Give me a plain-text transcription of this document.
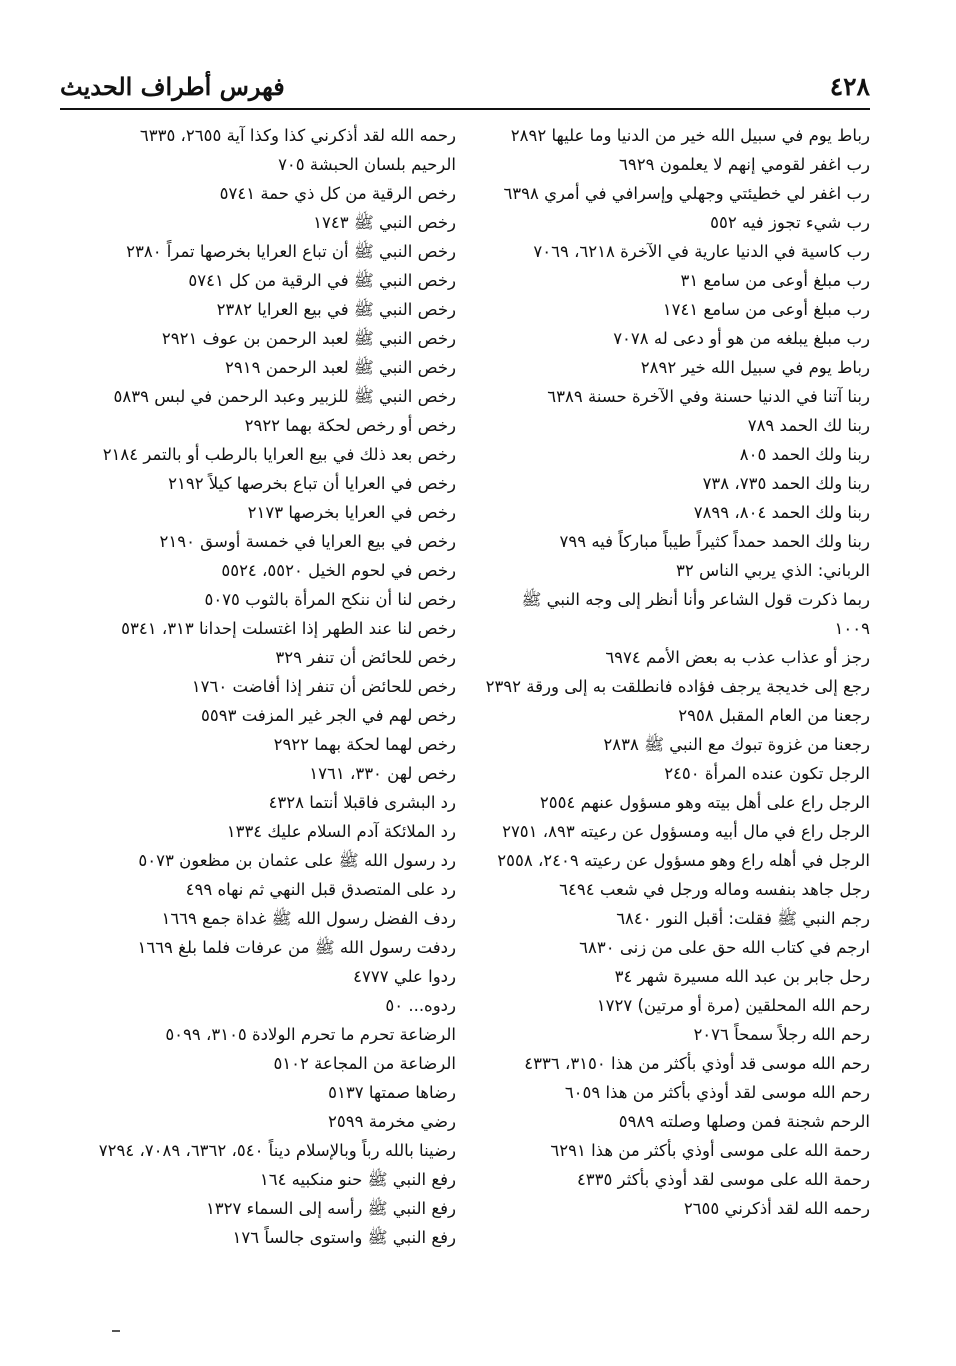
٤٢٨
فهرس أطراف الحديث
رباط يوم في سبيل الله خير من الدنيا وما عليها ٢٨٩٢
رب اغفر لقومي إنهم لا يعلمون ٦٩٢٩
رب اغفر لي خطيئتي وجهلي وإسرافي في أمري ٦٣٩٨
رب شيء تجوز فيه ٥٥٢
رب كاسية في الدنيا عارية في الآخرة ٦٢١٨، ٧٠٦٩
رب مبلغ أوعى من سامع ٣١
رب مبلغ أوعى من سامع ١٧٤١
رب مبلغ يبلغه من هو أو دعى له ٧٠٧٨
رباط يوم في سبيل الله خير ٢٨٩٢
ربنا آتنا في الدنيا حسنة وفي الآخرة حسنة ٦٣٨٩
ربنا لك الحمد ٧٨٩
ربنا ولك الحمد ٨٠٥
ربنا ولك الحمد ٧٣٥، ٧٣٨
ربنا ولك الحمد ٨٠٤، ٧٨٩٩
ربنا ولك الحمد حمداً كثيراً طيباً مباركاً فيه ٧٩٩
الرباني: الذي يربي الناس ٣٢
ربما ذكرت قول الشاعر وأنا أنظر إلى وجه النبي ﷺ ١٠٠٩
رجز أو عذاب عذب به بعض الأمم ٦٩٧٤
رجع إلى خديجة يرجف فؤاده فانطلقت به إلى ورقة ٢٣٩٢
رجعنا من العام المقبل ٢٩٥٨
رجعنا من غزوة تبوك مع النبي ﷺ ٢٨٣٨
الرجل تكون عنده المرأة ٢٤٥٠
الرجل راع على أهل بيته وهو مسؤول عنهم ٢٥٥٤
الرجل راع في مال أبيه ومسؤول عن رعيته ٨٩٣، ٢٧٥١
الرجل في أهله راع وهو مسؤول عن رعيته ٢٤٠٩، ٢٥٥٨
رجل جاهد بنفسه وماله ورجل في شعب ٦٤٩٤
رجم النبي ﷺ فقلت: أقبل النور ٦٨٤٠
ارجم في كتاب الله حق على من زنى ٦٨٣٠
رحل جابر بن عبد الله مسيرة شهر ٣٤
رحم الله المحلقين (مرة أو مرتين) ١٧٢٧
رحم الله رجلاً سمحاً ٢٠٧٦
رحم الله موسى قد أوذي بأكثر من هذا ٣١٥٠، ٤٣٣٦
رحم الله موسى لقد أوذي بأكثر من هذا ٦٠٥٩
الرحم شجنة فمن وصلها وصلته ٥٩٨٩
رحمة الله على موسى أوذي بأكثر من هذا ٦٢٩١
رحمة الله على موسى لقد أوذي بأكثر ٤٣٣٥
رحمه الله لقد أذكرني ٢٦٥٥
رحمه الله لقد أذكرني كذا وكذا آية ٢٦٥٥، ٦٣٣٥
الرحيم بلسان الحبشة ٧٠٥
رخص الرقية من كل ذي حمة ٥٧٤١
رخص النبي ﷺ ١٧٤٣
رخص النبي ﷺ أن تباع العرايا بخرصها تمراً ٢٣٨٠
رخص النبي ﷺ في الرقية من كل ٥٧٤١
رخص النبي ﷺ في بيع العرايا ٢٣٨٢
رخص النبي ﷺ لعبد الرحمن بن عوف ٢٩٢١
رخص النبي ﷺ لعبد الرحمن ٢٩١٩
رخص النبي ﷺ للزبير وعبد الرحمن في لبس ٥٨٣٩
رخص أو رخص لحكة بهما ٢٩٢٢
رخص بعد ذلك في بيع العرايا بالرطب أو بالتمر ٢١٨٤
رخص في العرايا أن تباع بخرصها كيلاً ٢١٩٢
رخص في العرايا بخرصها ٢١٧٣
رخص في بيع العرايا في خمسة أوسق ٢١٩٠
رخص في لحوم الخيل ٥٥٢٠، ٥٥٢٤
رخص لنا أن ننكح المرأة بالثوب ٥٠٧٥
رخص لنا عند الطهر إذا اغتسلت إحدانا ٣١٣، ٥٣٤١
رخص للحائض أن تنفر ٣٢٩
رخص للحائض أن تنفر إذا أفاضت ١٧٦٠
رخص لهم في الجر غير المزفت ٥٥٩٣
رخص لهما لحكة بهما ٢٩٢٢
رخص لهن ٣٣٠، ١٧٦١
رد البشرى فاقبلا أنتما ٤٣٢٨
رد الملائكة آدم السلام عليك ١٣٣٤
رد رسول الله ﷺ على عثمان بن مظعون ٥٠٧٣
رد على المتصدق قبل النهي ثم نهاه ٤٩٩
ردف الفضل رسول الله ﷺ غداة جمع ١٦٦٩
ردفت رسول الله ﷺ من عرفات فلما بلغ ١٦٦٩
ردوا علي ٤٧٧٧
ردوه... ٥٠
الرضاعة تحرم ما تحرم الولادة ٣١٠٥، ٥٠٩٩
الرضاعة من المجاعة ٥١٠٢
رضاها صمتها ٥١٣٧
رضي مخرمة ٢٥٩٩
رضينا بالله رباً وبالإسلام ديناً ٥٤٠، ٦٣٦٢، ٧٠٨٩، ٧٢٩٤
رفع النبي ﷺ حنو منكبيه ١٦٤
رفع النبي ﷺ رأسه إلى السماء ١٣٢٧
رفع النبي ﷺ واستوى جالساً ١٧٦
